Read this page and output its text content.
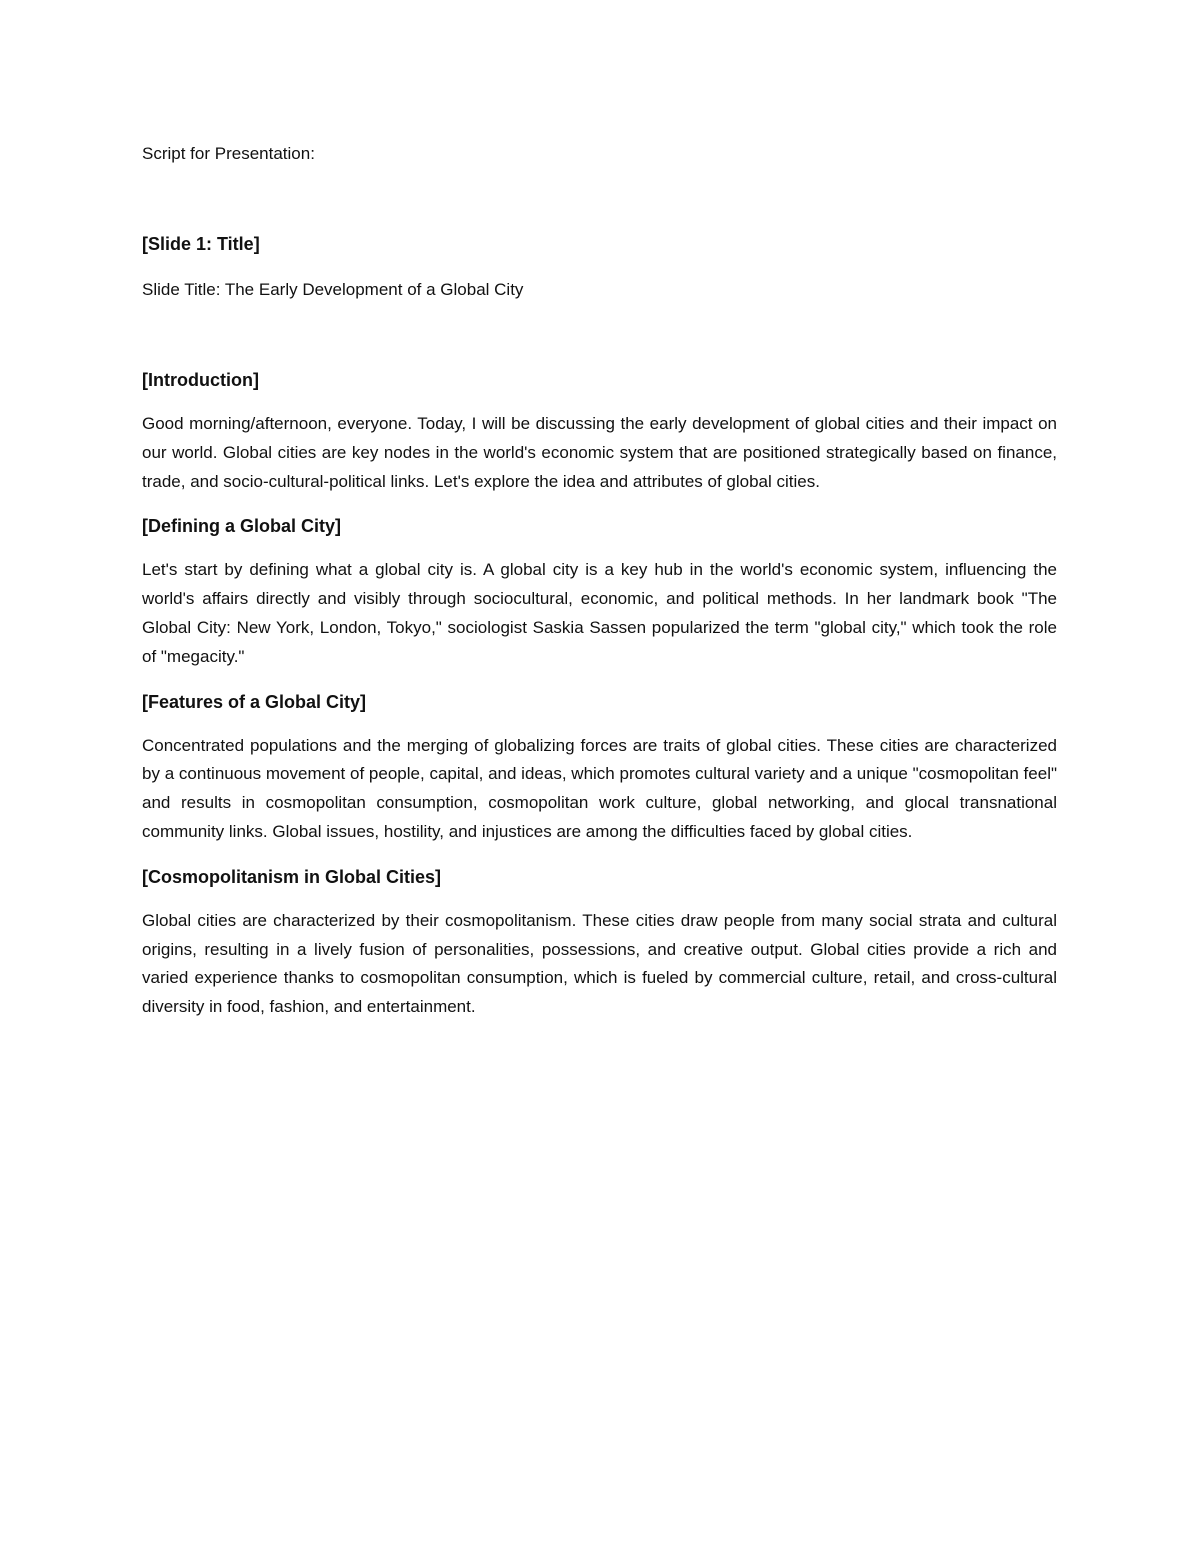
Script for Presentation:

[Slide 1: Title]

Slide Title: The Early Development of a Global City

[Introduction]

Good morning/afternoon, everyone. Today, I will be discussing the early development of global cities and their impact on our world. Global cities are key nodes in the world's economic system that are positioned strategically based on finance, trade, and socio-cultural-political links. Let's explore the idea and attributes of global cities.

[Defining a Global City]

Let's start by defining what a global city is. A global city is a key hub in the world's economic system, influencing the world's affairs directly and visibly through sociocultural, economic, and political methods. In her landmark book "The Global City: New York, London, Tokyo," sociologist Saskia Sassen popularized the term "global city," which took the role of "megacity."

[Features of a Global City]

Concentrated populations and the merging of globalizing forces are traits of global cities. These cities are characterized by a continuous movement of people, capital, and ideas, which promotes cultural variety and a unique "cosmopolitan feel" and results in cosmopolitan consumption, cosmopolitan work culture, global networking, and glocal transnational community links. Global issues, hostility, and injustices are among the difficulties faced by global cities.

[Cosmopolitanism in Global Cities]

Global cities are characterized by their cosmopolitanism. These cities draw people from many social strata and cultural origins, resulting in a lively fusion of personalities, possessions, and creative output. Global cities provide a rich and varied experience thanks to cosmopolitan consumption, which is fueled by commercial culture, retail, and cross-cultural diversity in food, fashion, and entertainment.
